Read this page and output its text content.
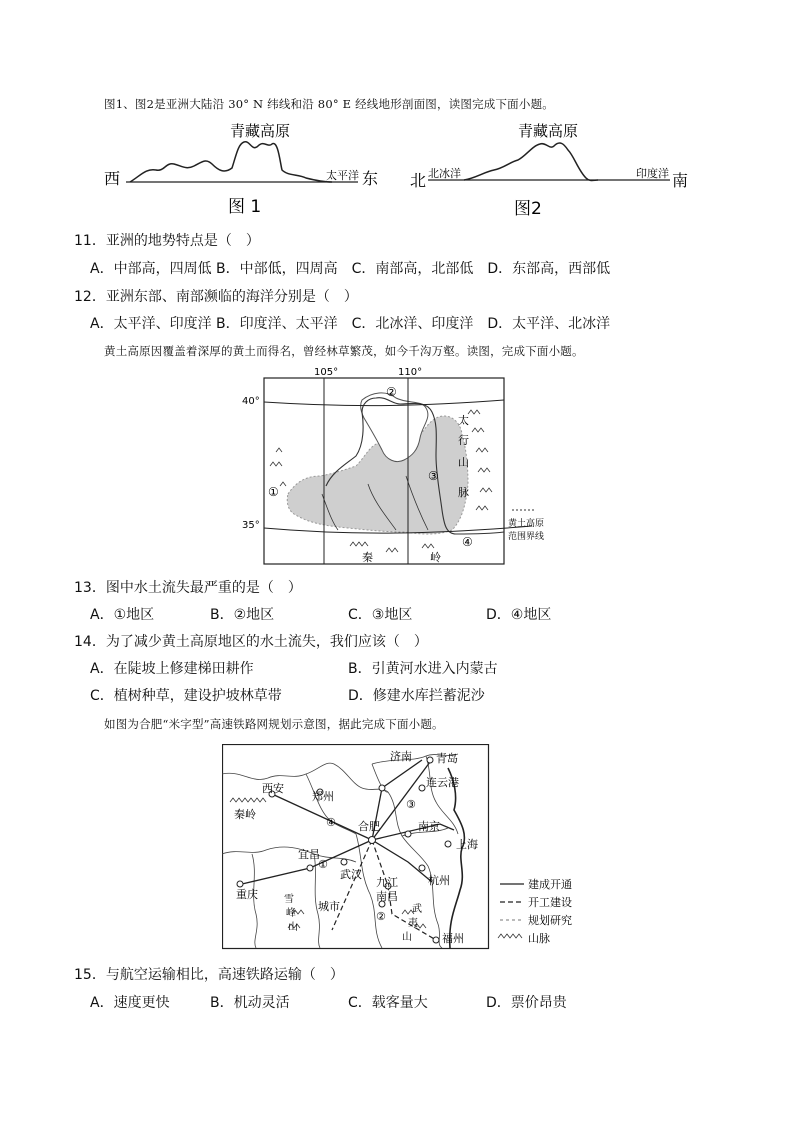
图1、图2是亚洲大陆沿 30° N 纬线和沿 80° E 经线地形剖面图，读图完成下面小题。
青藏高原
西	东
太平洋
图 1
青藏高原
北	南
北冰洋	印度洋
图2
11．亚洲的地势特点是（　）
A．中部高，四周低 B．中部低，四周高　C．南部高，北部低　D．东部高，西部低
12．亚洲东部、南部濒临的海洋分别是（　）
A．太平洋、印度洋 B．印度洋、太平洋　C．北冰洋、印度洋　D．太平洋、北冰洋
黄土高原因覆盖着深厚的黄土而得名，曾经林草繁茂，如今千沟万壑。读图，完成下面小题。
105°	110°
40°
35°
①
②
③
④
太
行
山
脉
秦	岭
黄土高原
范围界线
13．图中水土流失最严重的是（　）
A．①地区	B．②地区	C．③地区	D．④地区
14．为了减少黄土高原地区的水土流失，我们应该（　）
A．在陡坡上修建梯田耕作	B．引黄河水进入内蒙古
C．植树种草，建设护坡林草带	D．修建水库拦蓄泥沙
如图为合肥“米字型”高速铁路网规划示意图，据此完成下面小题。
济南 青岛
连云港
西安
郑州
秦岭
合肥	南京
上海
宜昌
武汉
重庆
杭州
九江
南昌
城市
福州
①
②
③
④
雪
峰
山
武
夷
山
建成开通
开工建设
规划研究
山脉
15．与航空运输相比，高速铁路运输（　）
A．速度更快	B．机动灵活	C．载客量大	D．票价昂贵
